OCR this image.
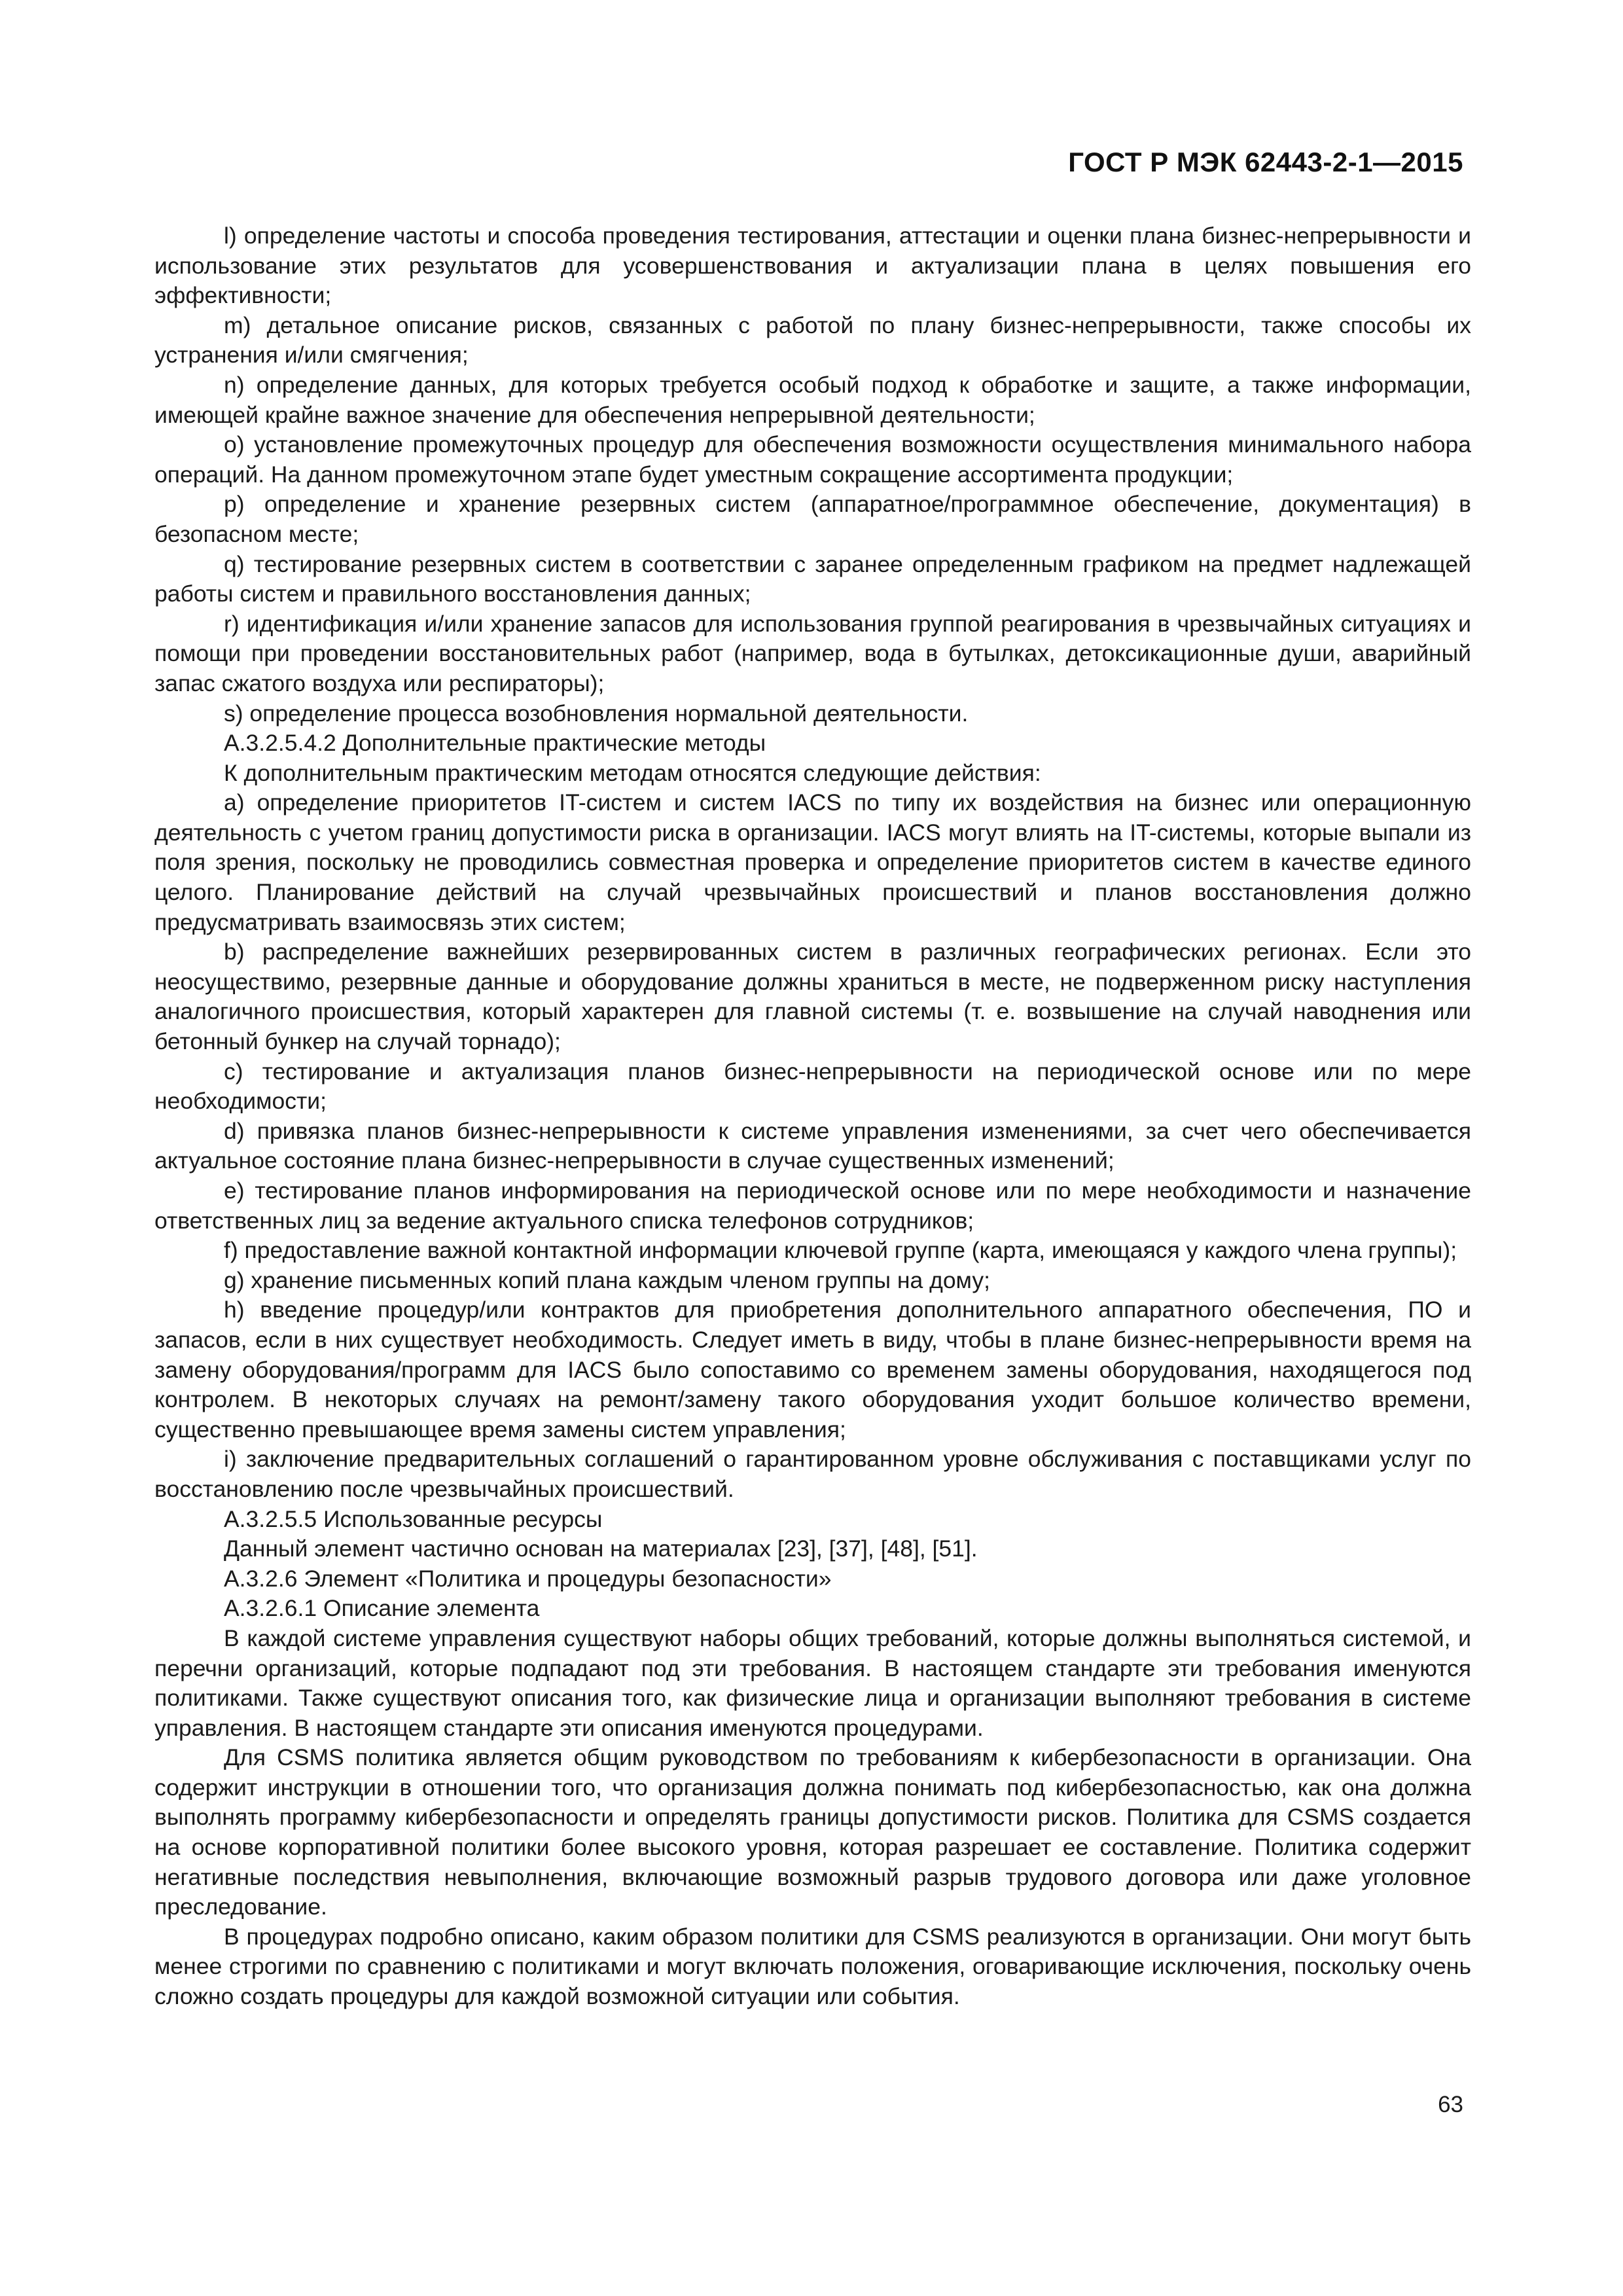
ГОСТ Р МЭК 62443-2-1—2015

l) определение частоты и способа проведения тестирования, аттестации и оценки плана бизнес-непрерывности и использование этих результатов для усовершенствования и актуализации плана в целях повышения его эффективности;

m) детальное описание рисков, связанных с работой по плану бизнес-непрерывности, также способы их устранения и/или смягчения;

n) определение данных, для которых требуется особый подход к обработке и защите, а также информации, имеющей крайне важное значение для обеспечения непрерывной деятельности;

о) установление промежуточных процедур для обеспечения возможности осуществления минимального набора операций. На данном промежуточном этапе будет уместным сокращение ассортимента продукции;

р) определение и хранение резервных систем (аппаратное/программное обеспечение, документация) в безопасном месте;

q) тестирование резервных систем в соответствии с заранее определенным графиком на предмет надлежащей работы систем и правильного восстановления данных;

r) идентификация и/или хранение запасов для использования группой реагирования в чрезвычайных ситуациях и помощи при проведении восстановительных работ (например, вода в бутылках, детоксикационные души, аварийный запас сжатого воздуха или респираторы);

s) определение процесса возобновления нормальной деятельности.

А.3.2.5.4.2 Дополнительные практические методы

К дополнительным практическим методам относятся следующие действия:

а) определение приоритетов IT-систем и систем IACS по типу их воздействия на бизнес или операционную деятельность с учетом границ допустимости риска в организации. IACS могут влиять на IT-системы, которые выпали из поля зрения, поскольку не проводились совместная проверка и определение приоритетов систем в качестве единого целого. Планирование действий на случай чрезвычайных происшествий и планов восстановления должно предусматривать взаимосвязь этих систем;

b) распределение важнейших резервированных систем в различных географических регионах. Если это неосуществимо, резервные данные и оборудование должны храниться в месте, не подверженном риску наступления аналогичного происшествия, который характерен для главной системы (т. е. возвышение на случай наводнения или бетонный бункер на случай торнадо);

с) тестирование и актуализация планов бизнес-непрерывности на периодической основе или по мере необходимости;

d) привязка планов бизнес-непрерывности к системе управления изменениями, за счет чего обеспечивается актуальное состояние плана бизнес-непрерывности в случае существенных изменений;

е) тестирование планов информирования на периодической основе или по мере необходимости и назначение ответственных лиц за ведение актуального списка телефонов сотрудников;

f) предоставление важной контактной информации ключевой группе (карта, имеющаяся у каждого члена группы);

g) хранение письменных копий плана каждым членом группы на дому;

h) введение процедур/или контрактов для приобретения дополнительного аппаратного обеспечения, ПО и запасов, если в них существует необходимость. Следует иметь в виду, чтобы в плане бизнес-непрерывности время на замену оборудования/программ для IACS было сопоставимо со временем замены оборудования, находящегося под контролем. В некоторых случаях на ремонт/замену такого оборудования уходит большое количество времени, существенно превышающее время замены систем управления;

i) заключение предварительных соглашений о гарантированном уровне обслуживания с поставщиками услуг по восстановлению после чрезвычайных происшествий.

А.3.2.5.5 Использованные ресурсы

Данный элемент частично основан на материалах [23], [37], [48], [51].

А.3.2.6 Элемент «Политика и процедуры безопасности»

А.3.2.6.1 Описание элемента

В каждой системе управления существуют наборы общих требований, которые должны выполняться системой, и перечни организаций, которые подпадают под эти требования. В настоящем стандарте эти требования именуются политиками. Также существуют описания того, как физические лица и организации выполняют требования в системе управления. В настоящем стандарте эти описания именуются процедурами.

Для CSMS политика является общим руководством по требованиям к кибербезопасности в организации. Она содержит инструкции в отношении того, что организация должна понимать под кибербезопасностью, как она должна выполнять программу кибербезопасности и определять границы допустимости рисков. Политика для CSMS создается на основе корпоративной политики более высокого уровня, которая разрешает ее составление. Политика содержит негативные последствия невыполнения, включающие возможный разрыв трудового договора или даже уголовное преследование.

В процедурах подробно описано, каким образом политики для CSMS реализуются в организации. Они могут быть менее строгими по сравнению с политиками и могут включать положения, оговаривающие исключения, поскольку очень сложно создать процедуры для каждой возможной ситуации или события.

63
